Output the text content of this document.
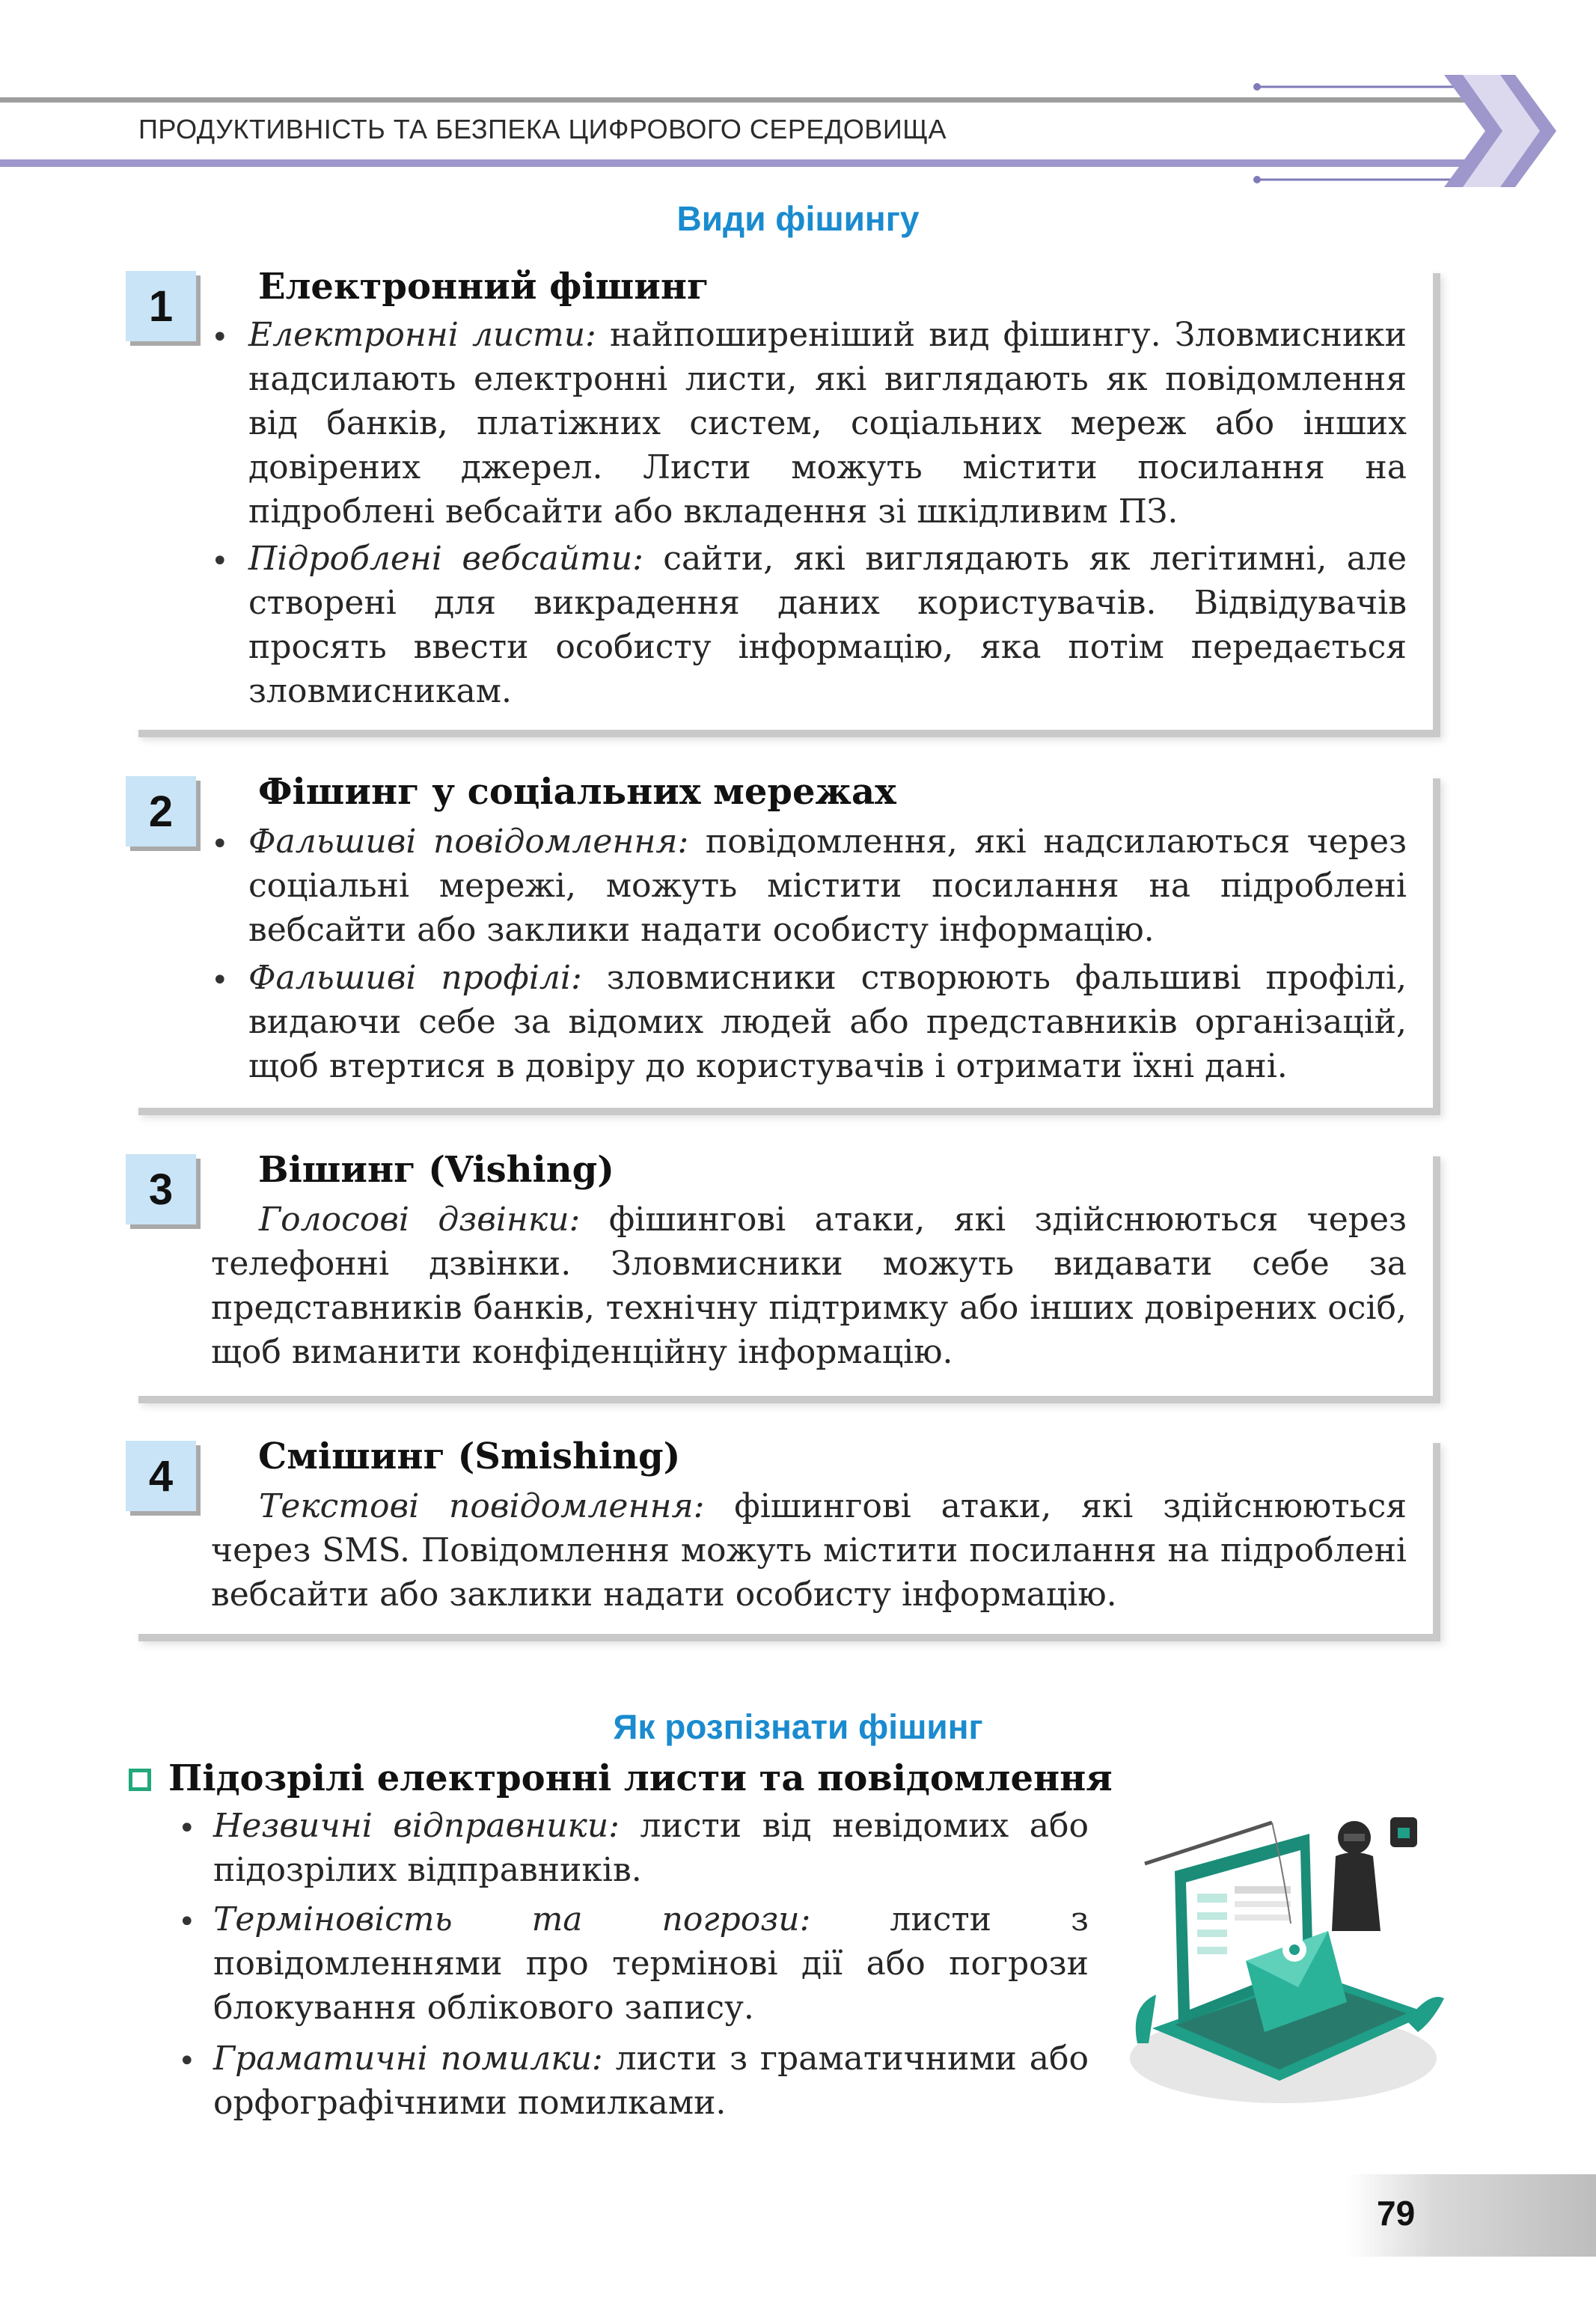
ПРОДУКТИВНІСТЬ ТА БЕЗПЕКА ЦИФРОВОГО СЕРЕДОВИЩА
Види фішингу
1	Електронний фішинг
• Електронні листи: найпоширеніший вид фішингу. Зловмисники надсилають електронні листи, які виглядають як повідомлення від банків, платіжних систем, соціальних мереж або інших довірених джерел. Листи можуть містити посилання на підроблені вебсайти або вкладення зі шкідливим ПЗ.
• Підроблені вебсайти: сайти, які виглядають як легітимні, але створені для викрадення даних користувачів. Відвідувачів просять ввести особисту інформацію, яка потім передається зловмисникам.
2	Фішинг у соціальних мережах
• Фальшиві повідомлення: повідомлення, які надсилаються через соціальні мережі, можуть містити посилання на підроблені вебсайти або заклики надати особисту інформацію.
• Фальшиві профілі: зловмисники створюють фальшиві профілі, видаючи себе за відомих людей або представників організацій, щоб втертися в довіру до користувачів і отримати їхні дані.
3	Вішинг (Vishing)
Голосові дзвінки: фішингові атаки, які здійснюються через телефонні дзвінки. Зловмисники можуть видавати себе за представників банків, технічну підтримку або інших довірених осіб, щоб виманити конфіденційну інформацію.
4	Смішинг (Smishing)
Текстові повідомлення: фішингові атаки, які здійснюються через SMS. Повідомлення можуть містити посилання на підроблені вебсайти або заклики надати особисту інформацію.
Як розпізнати фішинг
Підозрілі електронні листи та повідомлення
• Незвичні відправники: листи від невідомих або підозрілих відправників.
• Терміновість та погрози: листи з повідомленнями про термінові дії або погрози блокування облікового запису.
• Граматичні помилки: листи з граматичними або орфографічними помилками.
79
